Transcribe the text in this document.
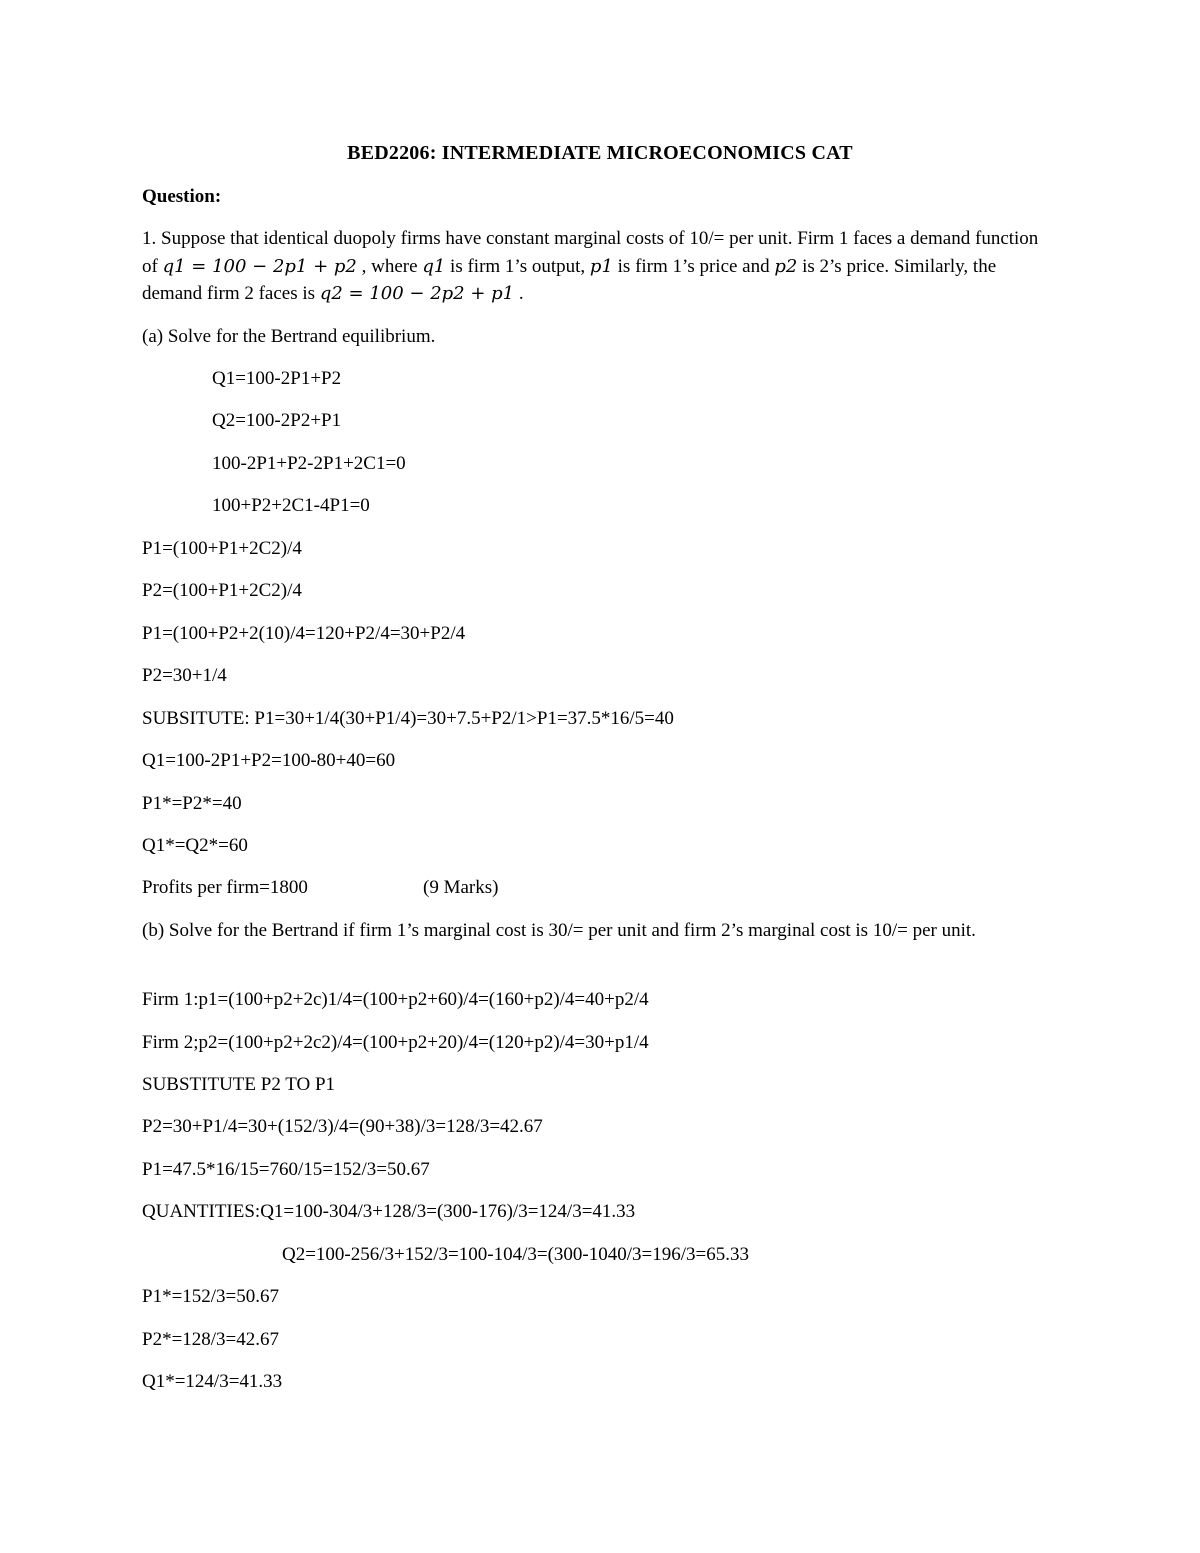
BED2206: INTERMEDIATE MICROECONOMICS CAT
Question:
1. Suppose that identical duopoly firms have constant marginal costs of 10/= per unit. Firm 1 faces a demand function of q1 = 100 − 2p1 + p2 , where q1 is firm 1’s output, p1 is firm 1’s price and p2 is 2’s price. Similarly, the demand firm 2 faces is q2 = 100 − 2p2 + p1 .
(a) Solve for the Bertrand equilibrium.
Q1=100-2P1+P2
Q2=100-2P2+P1
100-2P1+P2-2P1+2C1=0
100+P2+2C1-4P1=0
P1=(100+P1+2C2)/4
P2=(100+P1+2C2)/4
P1=(100+P2+2(10)/4=120+P2/4=30+P2/4
P2=30+1/4
SUBSITUTE: P1=30+1/4(30+P1/4)=30+7.5+P2/1>P1=37.5*16/5=40
Q1=100-2P1+P2=100-80+40=60
P1*=P2*=40
Q1*=Q2*=60
Profits per firm=1800	(9 Marks)
(b) Solve for the Bertrand if firm 1’s marginal cost is 30/= per unit and firm 2’s marginal cost is 10/= per unit.
Firm 1:p1=(100+p2+2c)1/4=(100+p2+60)/4=(160+p2)/4=40+p2/4
Firm 2;p2=(100+p2+2c2)/4=(100+p2+20)/4=(120+p2)/4=30+p1/4
SUBSTITUTE P2 TO P1
P2=30+P1/4=30+(152/3)/4=(90+38)/3=128/3=42.67
P1=47.5*16/15=760/15=152/3=50.67
QUANTITIES:Q1=100-304/3+128/3=(300-176)/3=124/3=41.33
Q2=100-256/3+152/3=100-104/3=(300-1040/3=196/3=65.33
P1*=152/3=50.67
P2*=128/3=42.67
Q1*=124/3=41.33
